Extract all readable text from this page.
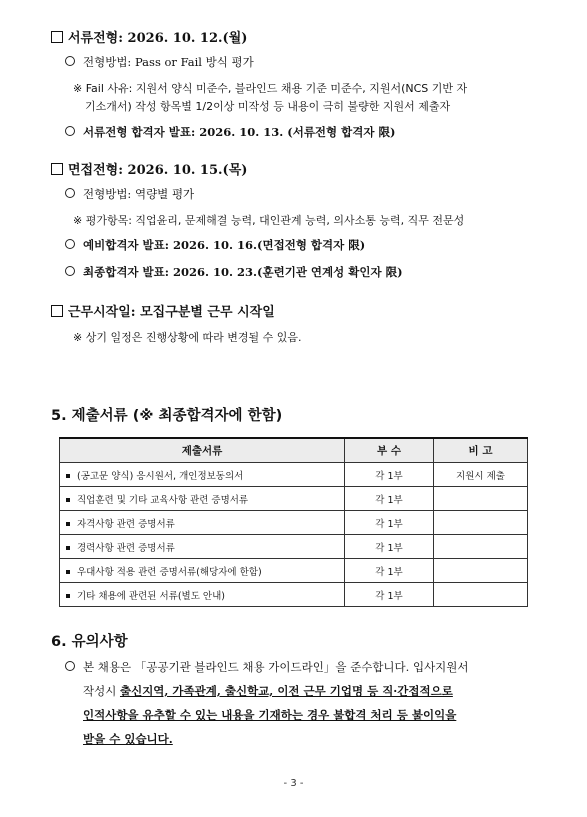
서류전형: 2026. 10. 12.(월)
전형방법: Pass or Fail 방식 평가
※ Fail 사유: 지원서 양식 미준수, 블라인드 채용 기준 미준수, 지원서(NCS 기반 자
기소개서) 작성 항목별 1/2이상 미작성 등 내용이 극히 불량한 지원서 제출자
서류전형 합격자 발표: 2026. 10. 13. (서류전형 합격자 限)
면접전형: 2026. 10. 15.(목)
전형방법: 역량별 평가
※ 평가항목: 직업윤리, 문제해결 능력, 대인관계 능력, 의사소통 능력, 직무 전문성
예비합격자 발표: 2026. 10. 16.(면접전형 합격자 限)
최종합격자 발표: 2026. 10. 23.(훈련기관 연계성 확인자 限)
근무시작일: 모집구분별 근무 시작일
※ 상기 일정은 진행상황에 따라 변경될 수 있음.
5. 제출서류 (※ 최종합격자에 한함)
제출서류	부 수	비 고
(공고문 양식) 응시원서, 개인정보동의서	각 1부	지원시 제출
직업훈련 및 기타 교육사항 관련 증명서류	각 1부	
자격사항 관련 증명서류	각 1부	
경력사항 관련 증명서류	각 1부	
우대사항 적용 관련 증명서류(해당자에 한함)	각 1부	
기타 채용에 관련된 서류(별도 안내)	각 1부	
6. 유의사항
본 채용은 「공공기관 블라인드 채용 가이드라인」을 준수합니다. 입사지원서
작성시 출신지역, 가족관계, 출신학교, 이전 근무 기업명 등 직·간접적으로
인적사항을 유추할 수 있는 내용을 기재하는 경우 불합격 처리 등 불이익을
받을 수 있습니다.
- 3 -
